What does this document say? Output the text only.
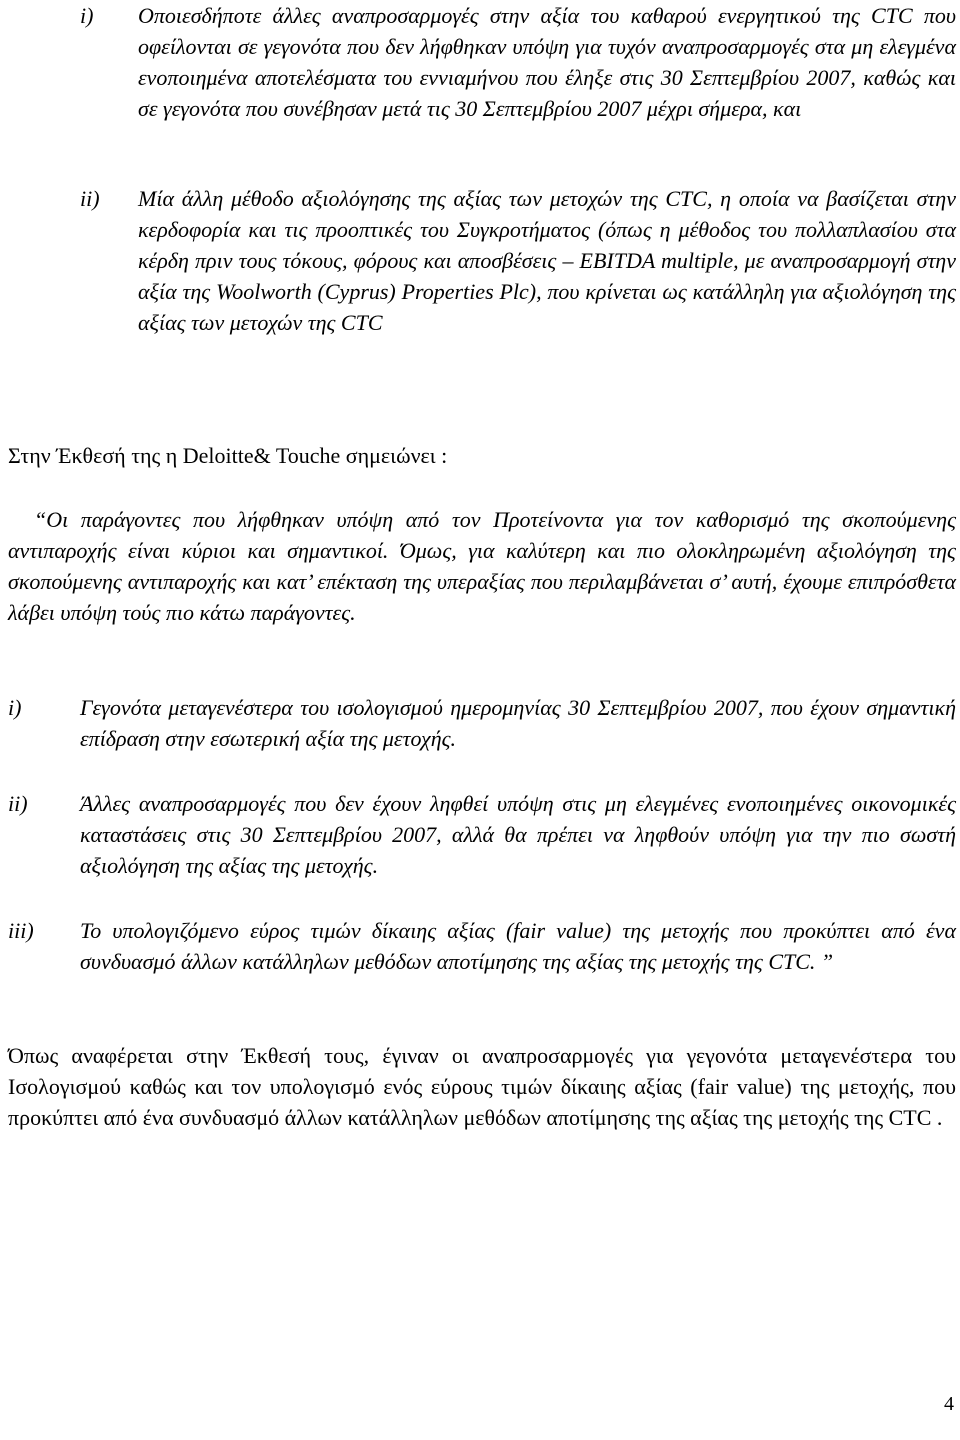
i)	Οποιεσδήποτε άλλες αναπροσαρμογές στην αξία του καθαρού ενεργητικού της CTC που οφείλονται σε γεγονότα που δεν λήφθηκαν υπόψη για τυχόν αναπροσαρμογές στα μη ελεγμένα ενοποιημένα αποτελέσματα του εννιαμήνου που έληξε στις 30 Σεπτεμβρίου 2007, καθώς και σε γεγονότα που συνέβησαν μετά τις 30 Σεπτεμβρίου 2007 μέχρι σήμερα, και

ii)	Μία άλλη μέθοδο αξιολόγησης της αξίας των μετοχών της CTC, η οποία να βασίζεται στην κερδοφορία και τις προοπτικές του Συγκροτήματος (όπως η μέθοδος του πολλαπλασίου στα κέρδη πριν τους τόκους, φόρους και αποσβέσεις – EBITDA multiple, με αναπροσαρμογή στην αξία της Woolworth (Cyprus) Properties Plc), που κρίνεται ως κατάλληλη για αξιολόγηση της αξίας των μετοχών της CTC

Στην Έκθεσή της η Deloitte& Touche σημειώνει :

“Οι παράγοντες που λήφθηκαν υπόψη από τον Προτείνοντα για τον καθορισμό της σκοπούμενης αντιπαροχής είναι κύριοι και σημαντικοί. Όμως, για καλύτερη και πιο ολοκληρωμένη αξιολόγηση της σκοπούμενης αντιπαροχής και κατ’ επέκταση της υπεραξίας που περιλαμβάνεται σ’ αυτή, έχουμε επιπρόσθετα λάβει υπόψη τούς πιο κάτω παράγοντες.

i)	Γεγονότα μεταγενέστερα του ισολογισμού ημερομηνίας 30 Σεπτεμβρίου 2007, που έχουν σημαντική επίδραση στην εσωτερική αξία της μετοχής.

ii)	Άλλες αναπροσαρμογές που δεν έχουν ληφθεί υπόψη στις μη ελεγμένες ενοποιημένες οικονομικές καταστάσεις στις 30 Σεπτεμβρίου 2007, αλλά θα πρέπει να ληφθούν υπόψη για την πιο σωστή αξιολόγηση της αξίας της μετοχής.

iii)	Το υπολογιζόμενο εύρος τιμών δίκαιης αξίας (fair value) της μετοχής που προκύπτει από ένα συνδυασμό άλλων κατάλληλων μεθόδων αποτίμησης της αξίας της μετοχής της CTC. ”

Όπως αναφέρεται στην Έκθεσή τους, έγιναν οι αναπροσαρμογές για γεγονότα μεταγενέστερα του Ισολογισμού καθώς και τον υπολογισμό ενός εύρους τιμών δίκαιης αξίας (fair value) της μετοχής, που προκύπτει από ένα συνδυασμό άλλων κατάλληλων μεθόδων αποτίμησης της αξίας της μετοχής της CTC .

4
